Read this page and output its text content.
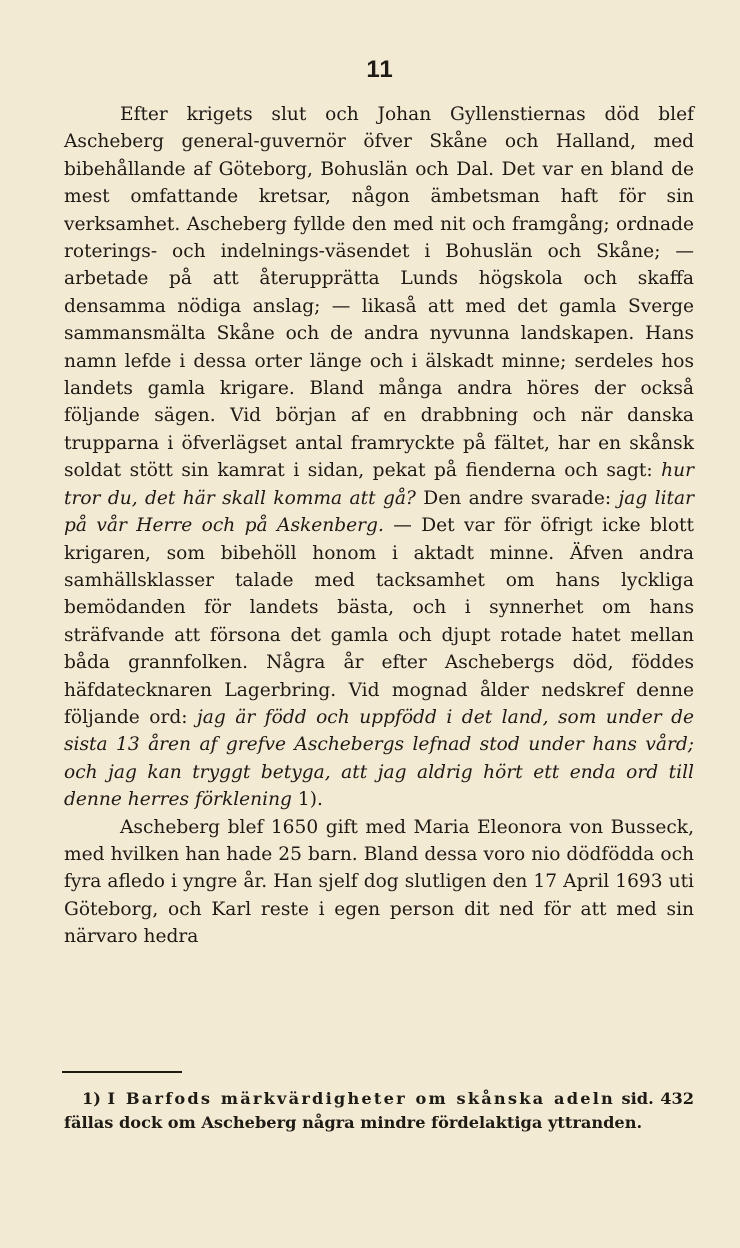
11

Efter krigets slut och Johan Gyllenstiernas död blef Ascheberg general-guvernör öfver Skåne och Halland, med bibehållande af Göteborg, Bohuslän och Dal. Det var en bland de mest omfattande kretsar, någon ämbetsman haft för sin verksamhet. Ascheberg fyllde den med nit och framgång; ordnade roterings- och indelnings-väsendet i Bohuslän och Skåne; — arbetade på att återupprätta Lunds högskola och skaffa densamma nödiga anslag; — likaså att med det gamla Sverge sammansmälta Skåne och de andra nyvunna landskapen. Hans namn lefde i dessa orter länge och i älskadt minne; serdeles hos landets gamla krigare. Bland många andra höres der också följande sägen. Vid början af en drabbning och när danska trupparna i öfverlägset antal framryckte på fältet, har en skånsk soldat stött sin kamrat i sidan, pekat på fienderna och sagt: hur tror du, det här skall komma att gå? Den andre svarade: jag litar på vår Herre och på Askenberg. — Det var för öfrigt icke blott krigaren, som bibehöll honom i aktadt minne. Äfven andra samhällsklasser talade med tacksamhet om hans lyckliga bemödanden för landets bästa, och i synnerhet om hans sträfvande att försona det gamla och djupt rotade hatet mellan båda grannfolken. Några år efter Aschebergs död, föddes häfdatecknaren Lagerbring. Vid mognad ålder nedskref denne följande ord: jag är född och uppfödd i det land, som under de sista 13 åren af grefve Aschebergs lefnad stod under hans vård; och jag kan tryggt betyga, att jag aldrig hört ett enda ord till denne herres förklening 1).

Ascheberg blef 1650 gift med Maria Eleonora von Busseck, med hvilken han hade 25 barn. Bland dessa voro nio dödfödda och fyra afledo i yngre år. Han sjelf dog slutligen den 17 April 1693 uti Göteborg, och Karl reste i egen person dit ned för att med sin närvaro hedra

1) I Barfods märkvärdigheter om skånska adeln sid. 432 fällas dock om Ascheberg några mindre fördelaktiga yttranden.
